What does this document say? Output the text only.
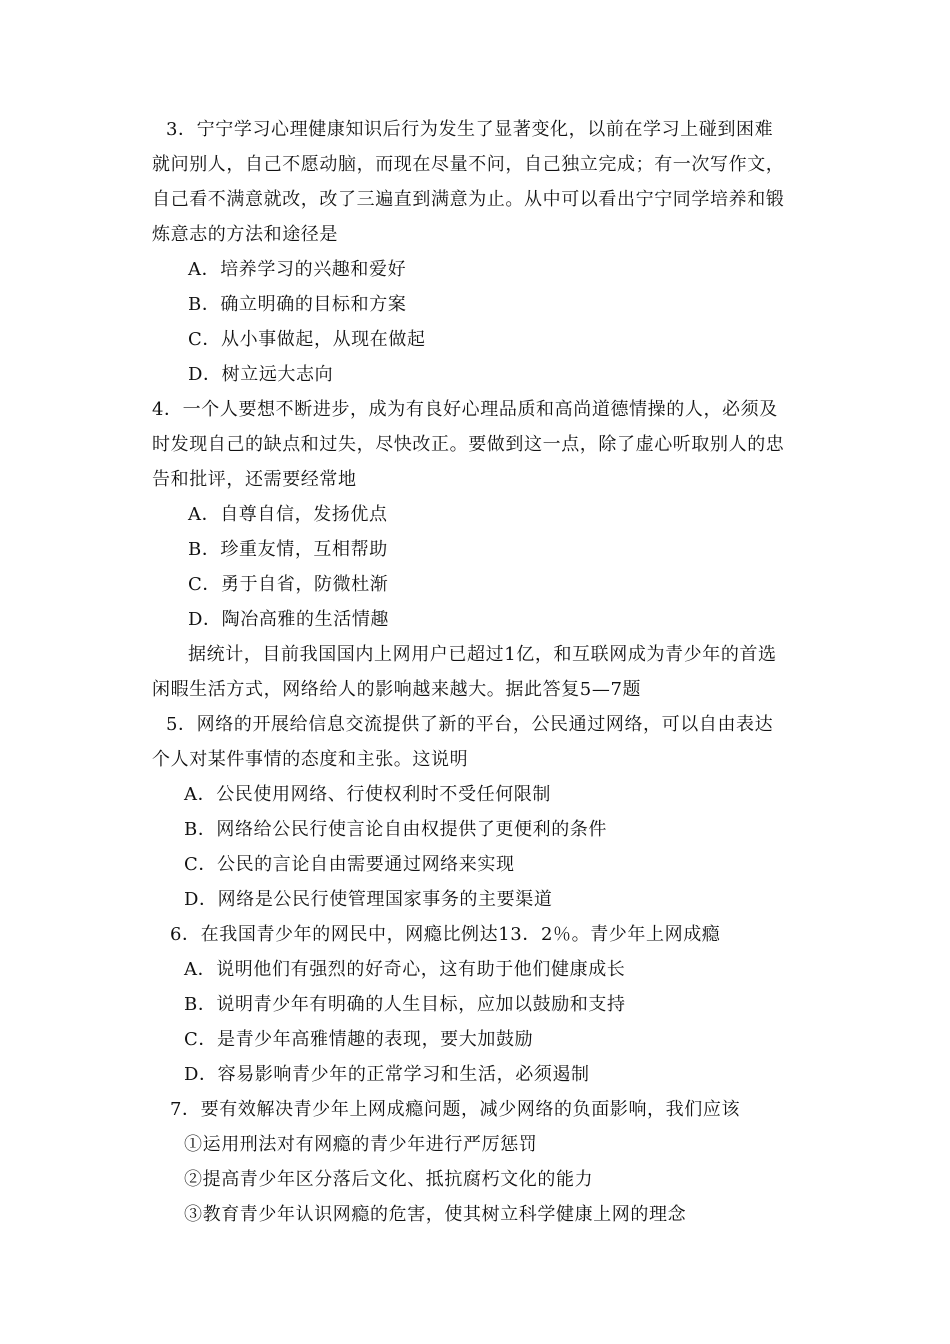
3．宁宁学习心理健康知识后行为发生了显著变化，以前在学习上碰到困难
就问别人，自己不愿动脑，而现在尽量不问，自己独立完成；有一次写作文，
自己看不满意就改，改了三遍直到满意为止。从中可以看出宁宁同学培养和锻
炼意志的方法和途径是
A．培养学习的兴趣和爱好
B．确立明确的目标和方案
C．从小事做起，从现在做起
D．树立远大志向
4．一个人要想不断进步，成为有良好心理品质和高尚道德情操的人，必须及
时发现自己的缺点和过失，尽快改正。要做到这一点，除了虚心听取别人的忠
告和批评，还需要经常地
A．自尊自信，发扬优点
B．珍重友情，互相帮助
C．勇于自省，防微杜渐
D．陶冶高雅的生活情趣
据统计，目前我国国内上网用户已超过1亿，和互联网成为青少年的首选
闲暇生活方式，网络给人的影响越来越大。据此答复5—7题
5．网络的开展给信息交流提供了新的平台，公民通过网络，可以自由表达
个人对某件事情的态度和主张。这说明
A．公民使用网络、行使权利时不受任何限制
B．网络给公民行使言论自由权提供了更便利的条件
C．公民的言论自由需要通过网络来实现
D．网络是公民行使管理国家事务的主要渠道
6．在我国青少年的网民中，网瘾比例达13．2％。青少年上网成瘾
A．说明他们有强烈的好奇心，这有助于他们健康成长
B．说明青少年有明确的人生目标，应加以鼓励和支持
C．是青少年高雅情趣的表现，要大加鼓励
D．容易影响青少年的正常学习和生活，必须遏制
7．要有效解决青少年上网成瘾问题，减少网络的负面影响，我们应该
①运用刑法对有网瘾的青少年进行严厉惩罚
②提高青少年区分落后文化、抵抗腐朽文化的能力
③教育青少年认识网瘾的危害，使其树立科学健康上网的理念
